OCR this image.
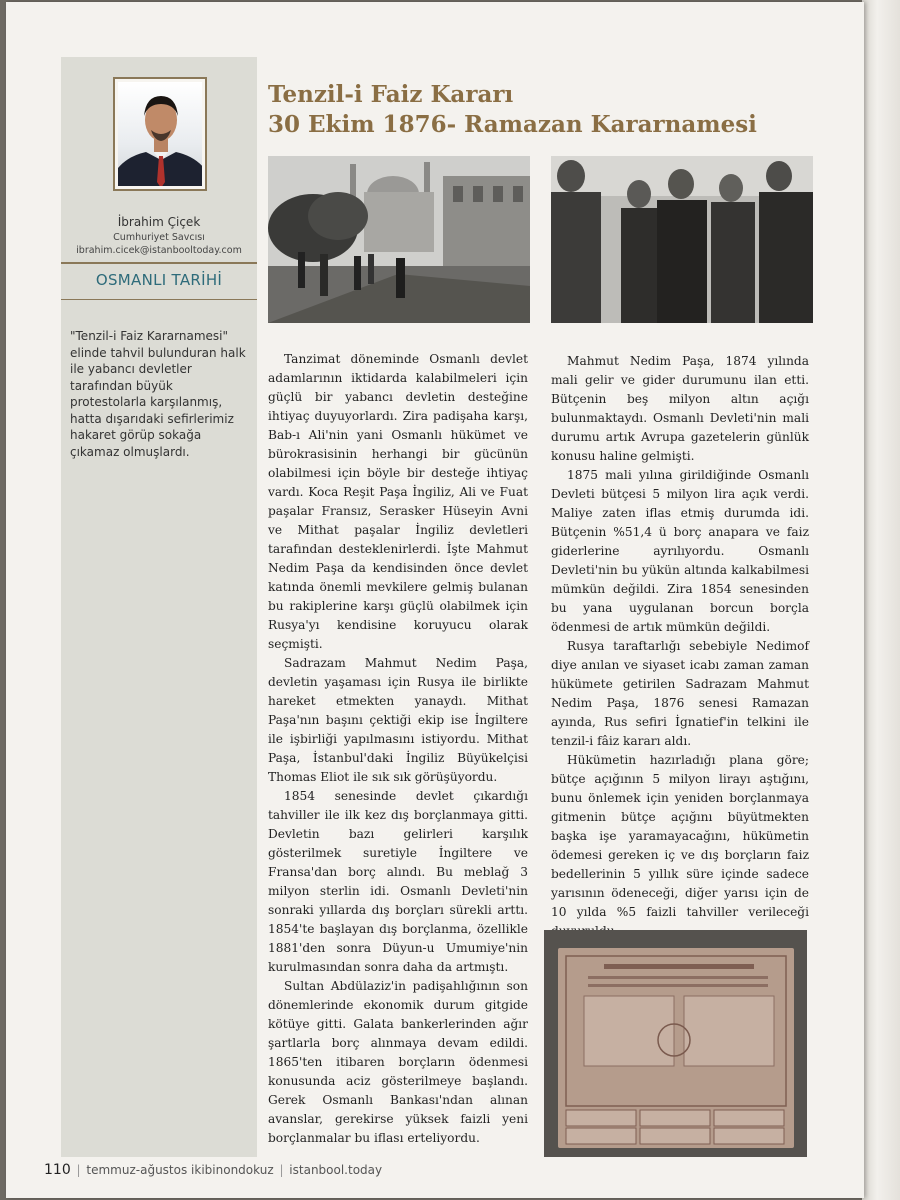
İbrahim Çiçek
Cumhuriyet Savcısı
ibrahim.cicek@istanbooltoday.com
OSMANLI TARİHİ
"Tenzil-i Faiz Kararnamesi" elinde tahvil bulunduran halk ile yabancı devletler tarafından büyük protestolarla karşılanmış, hatta dışarıdaki sefirlerimiz hakaret görüp sokağa çıkamaz olmuşlardı.
Tenzil-i Faiz Kararı
30 Ekim 1876- Ramazan Kararnamesi

Tanzimat döneminde Osmanlı devlet adamlarının iktidarda kalabilmeleri için güçlü bir yabancı devletin desteğine ihtiyaç duyuyorlardı. Zira padişaha karşı, Bab-ı Ali'nin yani Osmanlı hükümet ve bürokrasisinin herhangi bir gücünün olabilmesi için böyle bir desteğe ihtiyaç vardı. Koca Reşit Paşa İngiliz, Ali ve Fuat paşalar Fransız, Serasker Hüseyin Avni ve Mithat paşalar İngiliz devletleri tarafından desteklenirlerdi. İşte Mahmut Nedim Paşa da kendisinden önce devlet katında önemli mevkilere gelmiş bulanan bu rakiplerine karşı güçlü olabilmek için Rusya'yı kendisine koruyucu olarak seçmişti.

Sadrazam Mahmut Nedim Paşa, devletin yaşaması için Rusya ile birlikte hareket etmekten yanaydı. Mithat Paşa'nın başını çektiği ekip ise İngiltere ile işbirliği yapılmasını istiyordu. Mithat Paşa, İstanbul'daki İngiliz Büyükelçisi Thomas Eliot ile sık sık görüşüyordu.

1854 senesinde devlet çıkardığı tahviller ile ilk kez dış borçlanmaya gitti. Devletin bazı gelirleri karşılık gösterilmek suretiyle İngiltere ve Fransa'dan borç alındı. Bu meblağ 3 milyon sterlin idi. Osmanlı Devleti'nin sonraki yıllarda dış borçları sürekli arttı. 1854'te başlayan dış borçlanma, özellikle 1881'den sonra Düyun-u Umumiye'nin kurulmasından sonra daha da artmıştı.

Sultan Abdülaziz'in padişahlığının son dönemlerinde ekonomik durum gitgide kötüye gitti. Galata bankerlerinden ağır şartlarla borç alınmaya devam edildi. 1865'ten itibaren borçların ödenmesi konusunda aciz gösterilmeye başlandı. Gerek Osmanlı Bankası'ndan alınan avanslar, gerekirse yüksek faizli yeni borçlanmalar bu iflası erteliyordu.

Mahmut Nedim Paşa, 1874 yılında mali gelir ve gider durumunu ilan etti. Bütçenin beş milyon altın açığı bulunmaktaydı. Osmanlı Devleti'nin mali durumu artık Avrupa gazetelerin günlük konusu haline gelmişti.

1875 mali yılına girildiğinde Osmanlı Devleti bütçesi 5 milyon lira açık verdi. Maliye zaten iflas etmiş durumda idi. Bütçenin %51,4 ü borç anapara ve faiz giderlerine ayrılıyordu. Osmanlı Devleti'nin bu yükün altında kalkabilmesi mümkün değildi. Zira 1854 senesinden bu yana uygulanan borcun borçla ödenmesi de artık mümkün değildi.

Rusya taraftarlığı sebebiyle Nedimof diye anılan ve siyaset icabı zaman zaman hükümete getirilen Sadrazam Mahmut Nedim Paşa, 1876 senesi Ramazan ayında, Rus sefiri İgnatief'in telkini ile tenzil-i fâiz kararı aldı.

Hükümetin hazırladığı plana göre; bütçe açığının 5 milyon lirayı aştığını, bunu önlemek için yeniden borçlanmaya gitmenin bütçe açığını büyütmekten başka işe yaramayacağını, hükümetin ödemesi gereken iç ve dış borçların faiz bedellerinin 5 yıllık süre içinde sadece yarısının ödeneceği, diğer yarısı için de 10 yılda %5 faizli tahviller verileceği

110 | temmuz-ağustos ikibinondokuz | istanbool.today
